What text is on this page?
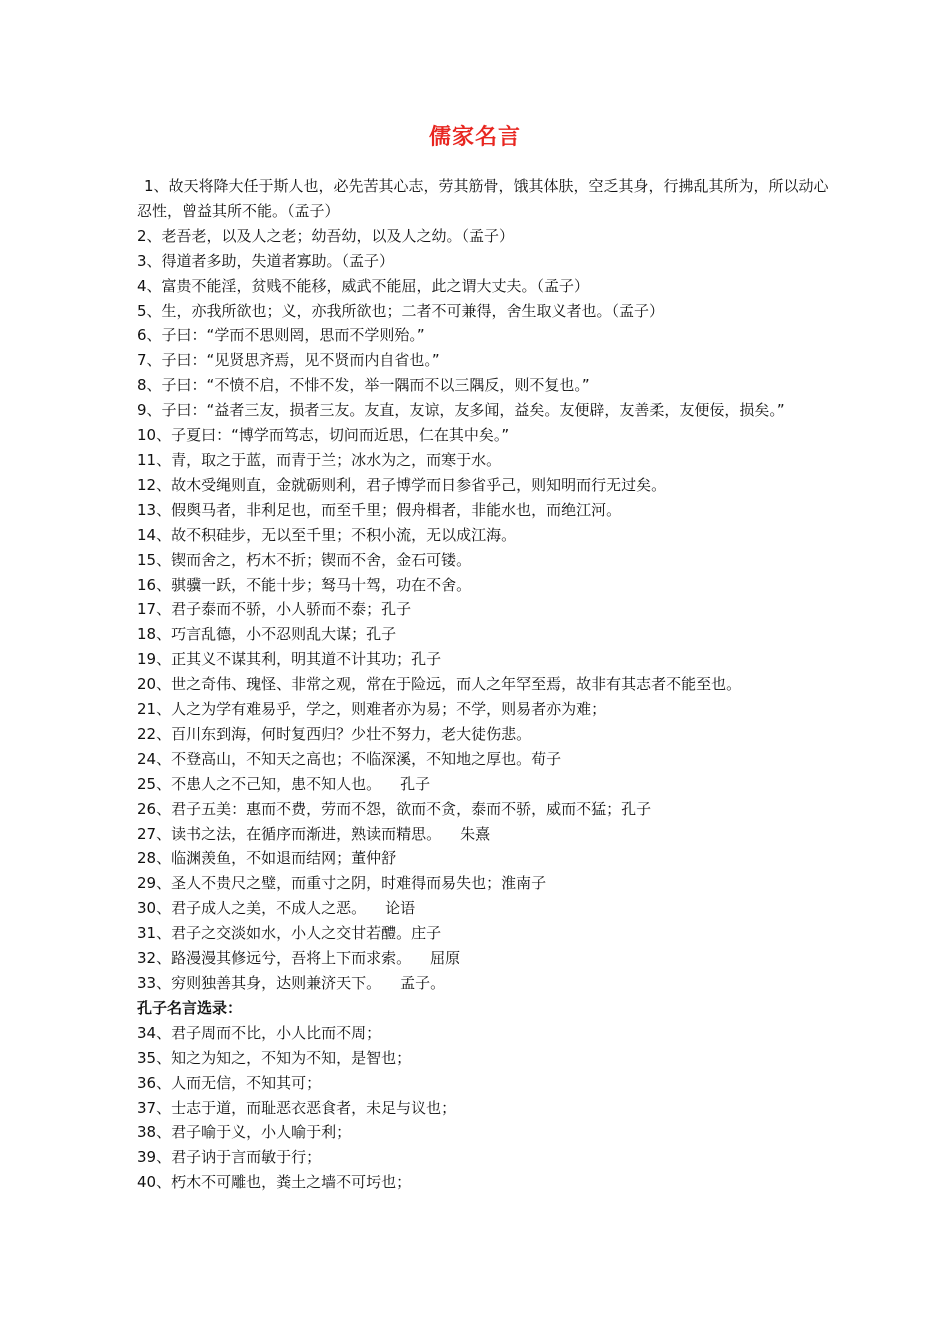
儒家名言

1、故天将降大任于斯人也，必先苦其心志，劳其筋骨，饿其体肤，空乏其身，行拂乱其所为，所以动心忍性，曾益其所不能。（孟子）

2、老吾老，以及人之老；幼吾幼，以及人之幼。（孟子）

3、得道者多助，失道者寡助。（孟子）

4、富贵不能淫，贫贱不能移，威武不能屈，此之谓大丈夫。（孟子）

5、生，亦我所欲也；义，亦我所欲也；二者不可兼得，舍生取义者也。（孟子）

6、子曰：“学而不思则罔，思而不学则殆。”

7、子曰：“见贤思齐焉，见不贤而内自省也。”

8、子曰：“不愤不启，不悱不发，举一隅而不以三隅反，则不复也。”

9、子曰：“益者三友，损者三友。友直，友谅，友多闻，益矣。友便辟，友善柔，友便佞，损矣。”

10、子夏曰：“博学而笃志，切问而近思，仁在其中矣。”

11、青，取之于蓝，而青于兰；冰水为之，而寒于水。

12、故木受绳则直，金就砺则利，君子博学而日参省乎己，则知明而行无过矣。

13、假舆马者，非利足也，而至千里；假舟楫者，非能水也，而绝江河。

14、故不积硅步，无以至千里；不积小流，无以成江海。

15、锲而舍之，朽木不折；锲而不舍，金石可镂。

16、骐骥一跃，不能十步；驽马十驾，功在不舍。

17、君子泰而不骄，小人骄而不泰；孔子

18、巧言乱德，小不忍则乱大谋；孔子

19、正其义不谋其利，明其道不计其功；孔子

20、世之奇伟、瑰怪、非常之观，常在于险远，而人之年罕至焉，故非有其志者不能至也。

21、人之为学有难易乎，学之，则难者亦为易；不学，则易者亦为难；

22、百川东到海，何时复西归？少壮不努力，老大徒伤悲。

24、不登高山，不知天之高也；不临深溪，不知地之厚也。荀子

25、不患人之不己知，患不知人也。    孔子

26、君子五美：惠而不费，劳而不怨，欲而不贪，泰而不骄，威而不猛；孔子

27、读书之法，在循序而渐进，熟读而精思。    朱熹

28、临渊羡鱼，不如退而结网；董仲舒

29、圣人不贵尺之璧，而重寸之阴，时难得而易失也；淮南子

30、君子成人之美，不成人之恶。    论语

31、君子之交淡如水，小人之交甘若醴。庄子

32、路漫漫其修远兮，吾将上下而求索。    屈原

33、穷则独善其身，达则兼济天下。    孟子。

孔子名言选录：

34、君子周而不比，小人比而不周；

35、知之为知之，不知为不知，是智也；

36、人而无信，不知其可；

37、士志于道，而耻恶衣恶食者，未足与议也；

38、君子喻于义，小人喻于利；

39、君子讷于言而敏于行；

40、朽木不可雕也，粪土之墙不可圬也；
